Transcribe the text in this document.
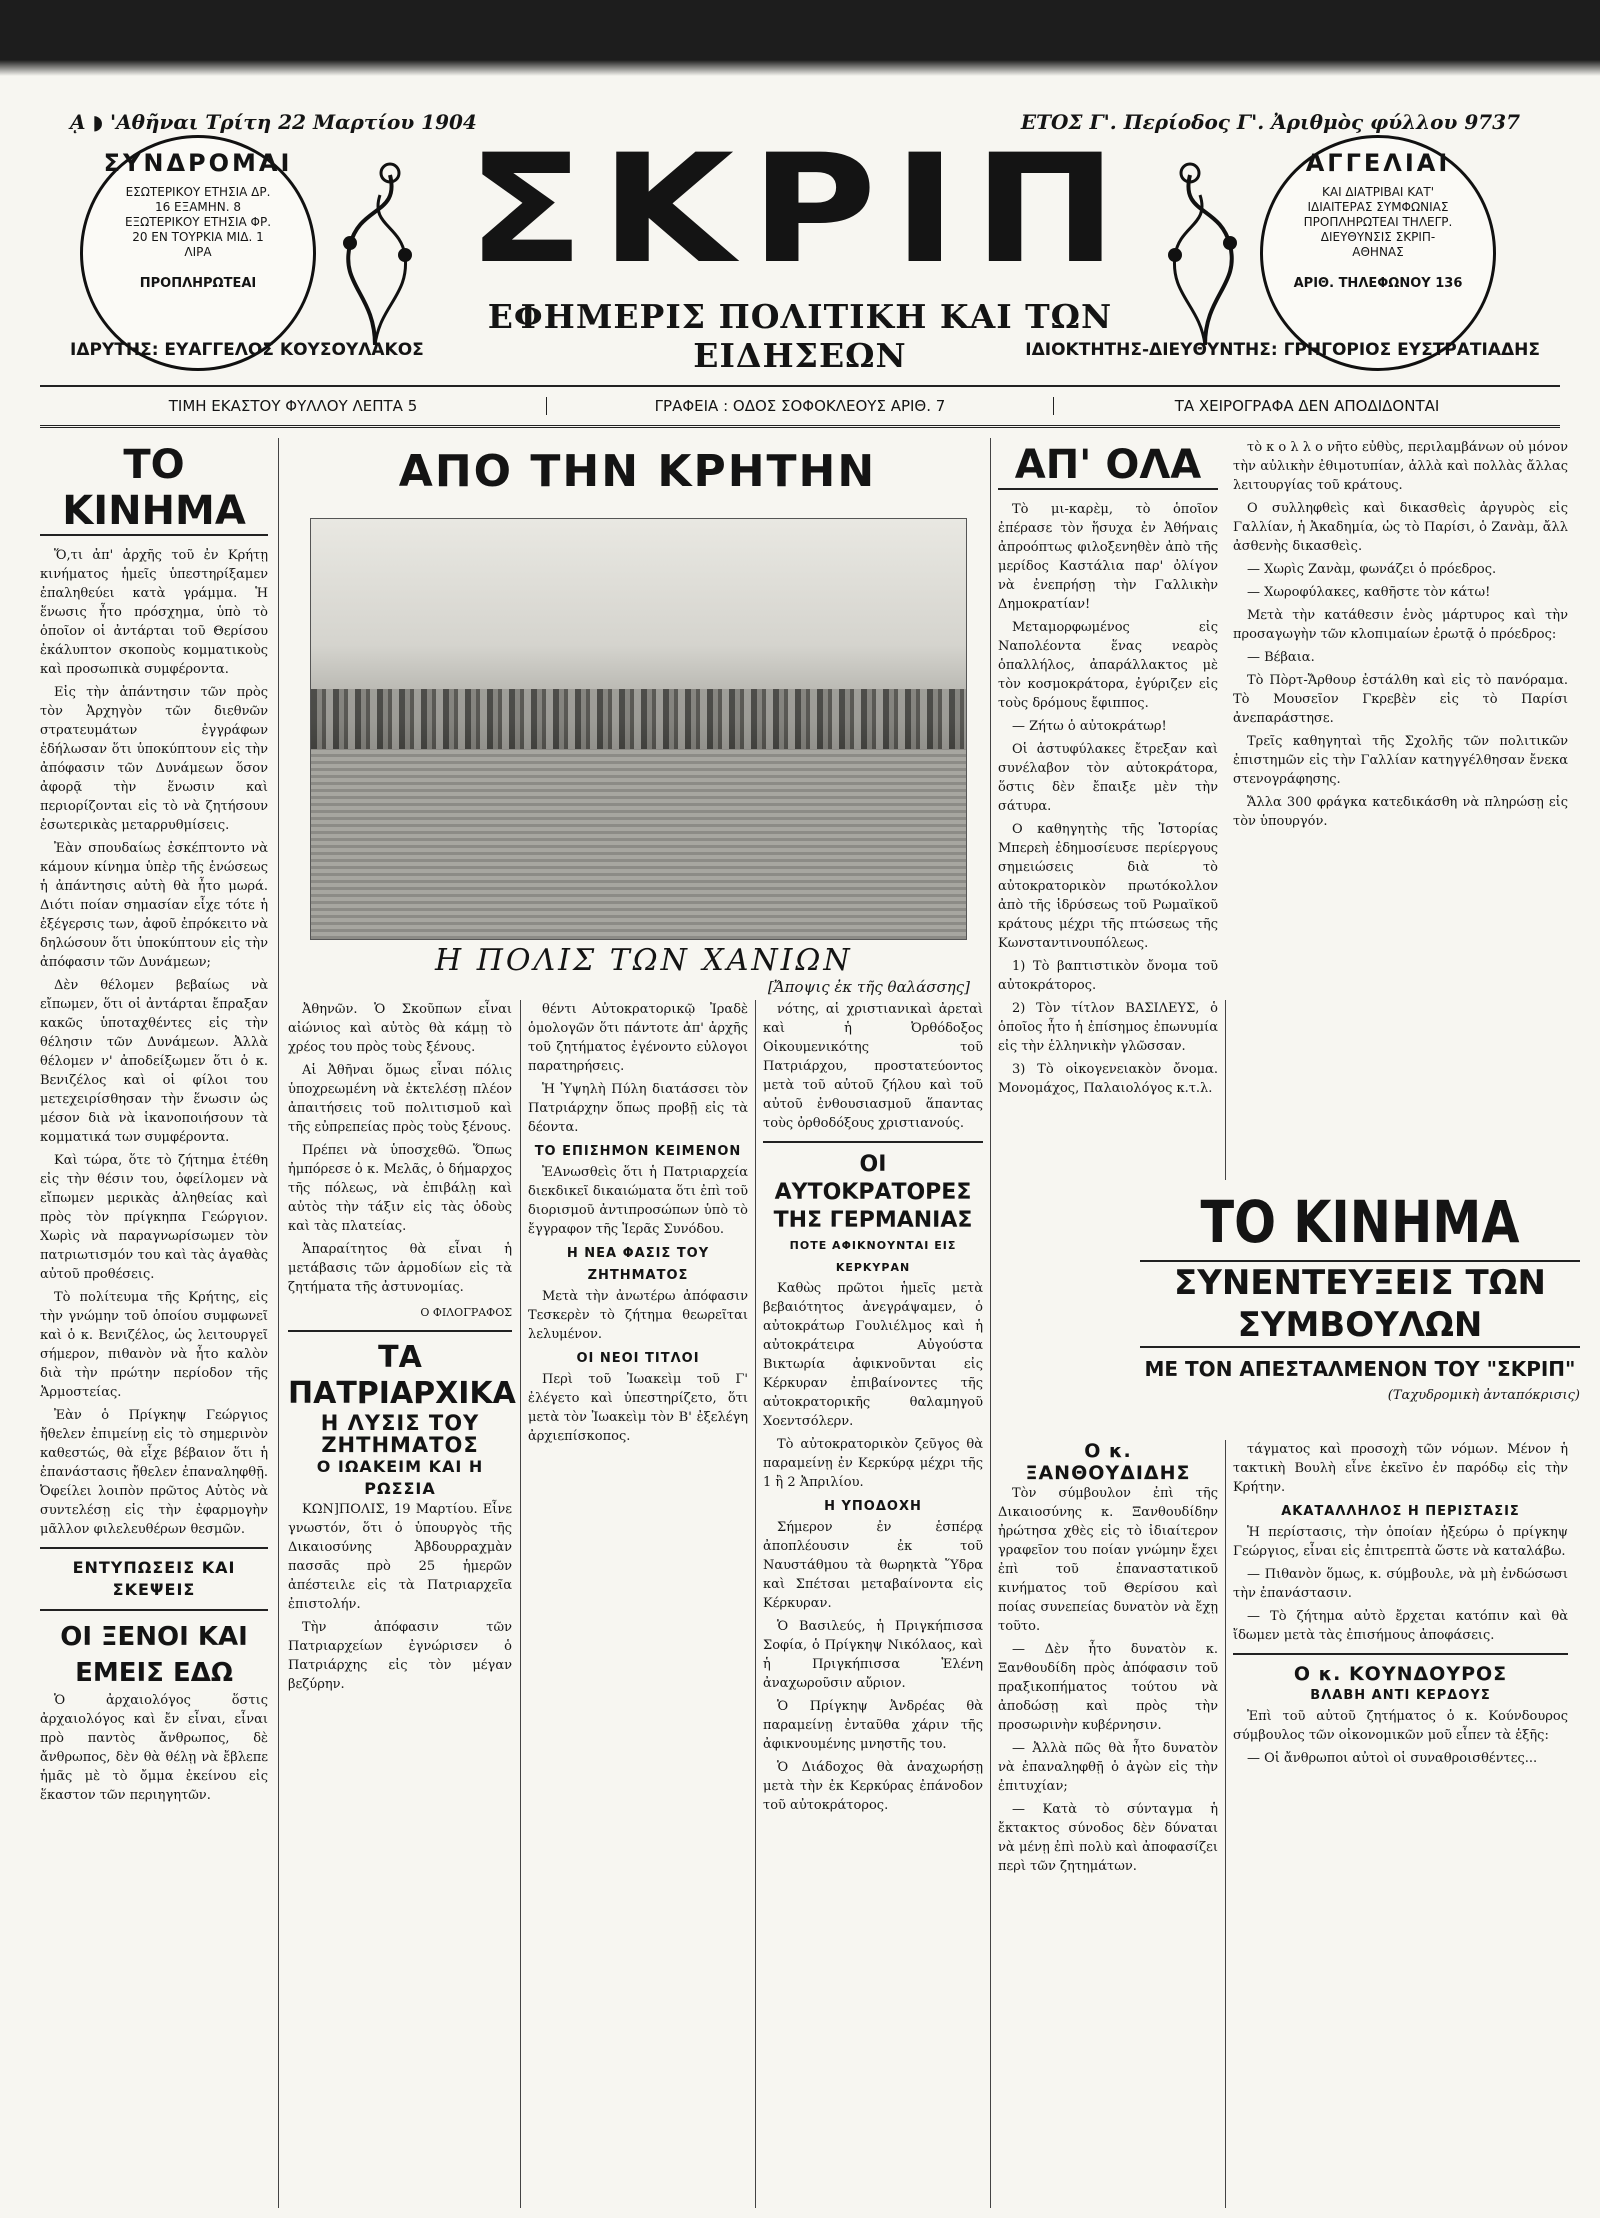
ᾼ ◗ 'Αθῆναι Τρίτη 22 Μαρτίου 1904	ΕΤΟΣ Γ'. Περίοδος Γ'. Ἀριθμὸς φύλλου 9737
ΣΥΝΔΡΟΜΑΙ
ΕΣΩΤΕΡΙΚΟΥ ΕΤΗΣΙΑ ΔΡ. 16 ΕΞΑΜΗΝ. 8 ΕΞΩΤΕΡΙΚΟΥ ΕΤΗΣΙΑ ΦΡ. 20 ΕΝ ΤΟΥΡΚΙΑ ΜΙΔ. 1 ΛΙΡΑ
ΠΡΟΠΛΗΡΩΤΕΑΙ	ΣΚΡΙΠ
ΕΦΗΜΕΡΙΣ ΠΟΛΙΤΙΚΗ ΚΑΙ ΤΩΝ ΕΙΔΗΣΕΩΝ
ΑΓΓΕΛΙΑΙ
ΚΑΙ ΔΙΑΤΡΙΒΑΙ ΚΑΤ' ΙΔΙΑΙΤΕΡΑΣ ΣΥΜΦΩΝΙΑΣ ΠΡΟΠΛΗΡΩΤΕΑΙ ΤΗΛΕΓΡ. ΔΙΕΥΘΥΝΣΙΣ ΣΚΡΙΠ-ΑΘΗΝΑΣ
ΑΡΙΘ. ΤΗΛΕΦΩΝΟΥ 136
ΙΔΡΥΤΗΣ: ΕΥΑΓΓΕΛΟΣ ΚΟΥΣΟΥΛΑΚΟΣ	ΙΔΙΟΚΤΗΤΗΣ-ΔΙΕΥΘΥΝΤΗΣ: ΓΡΗΓΟΡΙΟΣ ΕΥΣΤΡΑΤΙΑΔΗΣ
ΤΙΜΗ ΕΚΑΣΤΟΥ ΦΥΛΛΟΥ ΛΕΠΤΑ 5	ΓΡΑΦΕΙΑ : ΟΔΟΣ ΣΟΦΟΚΛΕΟΥΣ ΑΡΙΘ. 7	ΤΑ ΧΕΙΡΟΓΡΑΦΑ ΔΕΝ ΑΠΟΔΙΔΟΝΤΑΙ
ΤΟ ΚΙΝΗΜΑ

Ὅ,τι ἀπ' ἀρχῆς τοῦ ἐν Κρήτῃ κινήματος ἡμεῖς ὑπεστηρίξαμεν ἐπαληθεύει κατὰ γράμμα. Ἡ ἕνωσις ἦτο πρόσχημα, ὑπὸ τὸ ὁποῖον οἱ ἀντάρται τοῦ Θερίσου ἐκάλυπτον σκοποὺς κομματικοὺς καὶ προσωπικὰ συμφέροντα.

Εἰς τὴν ἀπάντησιν τῶν πρὸς τὸν Ἀρχηγὸν τῶν διεθνῶν στρατευμάτων ἐγγράφων ἐδήλωσαν ὅτι ὑποκύπτουν εἰς τὴν ἀπόφασιν τῶν Δυνάμεων ὅσον ἀφορᾷ τὴν ἕνωσιν καὶ περιορίζονται εἰς τὸ νὰ ζητήσουν ἐσωτερικὰς μεταρρυθμίσεις.

Ἐὰν σπουδαίως ἐσκέπτοντο νὰ κάμουν κίνημα ὑπὲρ τῆς ἑνώσεως ἡ ἀπάντησις αὐτὴ θὰ ἦτο μωρά. Διότι ποίαν σημασίαν εἶχε τότε ἡ ἐξέγερσις των, ἀφοῦ ἐπρόκειτο νὰ δηλώσουν ὅτι ὑποκύπτουν εἰς τὴν ἀπόφασιν τῶν Δυνάμεων;

Δὲν θέλομεν βεβαίως νὰ εἴπωμεν, ὅτι οἱ ἀντάρται ἔπραξαν κακῶς ὑποταχθέντες εἰς τὴν θέλησιν τῶν Δυνάμεων. Ἀλλὰ θέλομεν ν' ἀποδείξωμεν ὅτι ὁ κ. Βενιζέλος καὶ οἱ φίλοι του μετεχειρίσθησαν τὴν ἕνωσιν ὡς μέσον διὰ νὰ ἱκανοποιήσουν τὰ κομματικά των συμφέροντα.

Καὶ τώρα, ὅτε τὸ ζήτημα ἐτέθη εἰς τὴν θέσιν του, ὀφείλομεν νὰ εἴπωμεν μερικὰς ἀληθείας καὶ πρὸς τὸν πρίγκηπα Γεώργιον. Χωρὶς νὰ παραγνωρίσωμεν τὸν πατριωτισμόν του καὶ τὰς ἀγαθὰς αὐτοῦ προθέσεις.

Τὸ πολίτευμα τῆς Κρήτης, εἰς τὴν γνώμην τοῦ ὁποίου συμφωνεῖ καὶ ὁ κ. Βενιζέλος, ὡς λειτουργεῖ σήμερον, πιθανὸν νὰ ἦτο καλὸν διὰ τὴν πρώτην περίοδον τῆς Ἁρμοστείας.

Ἐὰν ὁ Πρίγκηψ Γεώργιος ἤθελεν ἐπιμείνῃ εἰς τὸ σημερινὸν καθεστώς, θὰ εἶχε βέβαιον ὅτι ἡ ἐπανάστασις ἤθελεν ἐπαναληφθῇ. Ὀφείλει λοιπὸν πρῶτος Αὐτὸς νὰ συντελέσῃ εἰς τὴν ἐφαρμογὴν μᾶλλον φιλελευθέρων θεσμῶν.

ΕΝΤΥΠΩΣΕΙΣ ΚΑΙ ΣΚΕΨΕΙΣ
ΟΙ ΞΕΝΟΙ ΚΑΙ ΕΜΕΙΣ ΕΔΩ

Ὁ ἀρχαιολόγος ὅστις ἀρχαιολόγος καὶ ἔν εἶναι, εἶναι πρὸ παντὸς ἄνθρωπος, δὲ ἄνθρωπος, δὲν θὰ θέλῃ νὰ ἔβλεπε ἡμᾶς μὲ τὸ ὄμμα ἐκείνου εἰς ἕκαστον τῶν περιηγητῶν.

ΑΠΟ ΤΗΝ ΚΡΗΤΗΝ
Η ΠΟΛΙΣ ΤΩΝ ΧΑΝΙΩΝ
[Ἄποψις ἐκ τῆς θαλάσσης]

Ἀθηνῶν. Ὁ Σκοῦπων εἶναι αἰώνιος καὶ αὐτὸς θὰ κάμῃ τὸ χρέος του πρὸς τοὺς ξένους.

Αἱ Ἀθῆναι ὅμως εἶναι πόλις ὑποχρεωμένη νὰ ἐκτελέσῃ πλέον ἀπαιτήσεις τοῦ πολιτισμοῦ καὶ τῆς εὐπρεπείας πρὸς τοὺς ξένους.

Πρέπει νὰ ὑποσχεθῶ. Ὅπως ἠμπόρεσε ὁ κ. Μελᾶς, ὁ δήμαρχος τῆς πόλεως, νὰ ἐπιβάλῃ καὶ αὐτὸς τὴν τάξιν εἰς τὰς ὁδοὺς καὶ τὰς πλατείας.

Ἀπαραίτητος θὰ εἶναι ἡ μετάβασις τῶν ἀρμοδίων εἰς τὰ ζητήματα τῆς ἀστυνομίας.

Ο ΦΙΛΟΓΡΑΦΟΣ
ΤΑ ΠΑΤΡΙΑΡΧΙΚΑ
Η ΛΥΣΙΣ ΤΟΥ ΖΗΤΗΜΑΤΟΣ
Ο ΙΩΑΚΕΙΜ ΚΑΙ Η ΡΩΣΣΙΑ

ΚΩΝ]ΠΟΛΙΣ, 19 Μαρτίου. Εἶνε γνωστόν, ὅτι ὁ ὑπουργὸς τῆς Δικαιοσύνης Ἀβδουρραχμὰν πασσᾶς πρὸ 25 ἡμερῶν ἀπέστειλε εἰς τὰ Πατριαρχεῖα ἐπιστολήν.

Τὴν ἀπόφασιν τῶν Πατριαρχείων ἐγνώρισεν ὁ Πατριάρχης εἰς τὸν μέγαν βεζύρην.

θέντι Αὐτοκρατορικῷ Ἰραδὲ ὁμολογῶν ὅτι πάντοτε ἀπ' ἀρχῆς τοῦ ζητήματος ἐγένοντο εὐλογοι παρατηρήσεις.

Ἡ Ὑψηλὴ Πύλη διατάσσει τὸν Πατριάρχην ὅπως προβῇ εἰς τὰ δέοντα.

ΤΟ ΕΠΙΣΗΜΟΝ ΚΕΙΜΕΝΟΝ

ἘΑνωσθεὶς ὅτι ἡ Πατριαρχεία διεκδικεῖ δικαιώματα ὅτι ἐπὶ τοῦ διορισμοῦ ἀντιπροσώπων ὑπὸ τὸ ἔγγραφον τῆς Ἱερᾶς Συνόδου.

Η ΝΕΑ ΦΑΣΙΣ ΤΟΥ ΖΗΤΗΜΑΤΟΣ

Μετὰ τὴν ἀνωτέρω ἀπόφασιν Τεσκερὲν τὸ ζήτημα θεωρεῖται λελυμένον.

ΟΙ ΝΕΟΙ ΤΙΤΛΟΙ

Περὶ τοῦ Ἰωακεὶμ τοῦ Γ' ἐλέγετο καὶ ὑπεστηρίζετο, ὅτι μετὰ τὸν Ἰωακεὶμ τὸν Β' ἐξελέγη ἀρχιεπίσκοπος.

νότης, αἱ χριστιανικαὶ ἀρεταὶ καὶ ἡ Ὀρθόδοξος Οἰκουμενικότης τοῦ Πατριάρχου, προστατεύοντος μετὰ τοῦ αὐτοῦ ζήλου καὶ τοῦ αὐτοῦ ἐνθουσιασμοῦ ἅπαντας τοὺς ὀρθοδόξους χριστιανούς.

ΟΙ ΑΥΤΟΚΡΑΤΟΡΕΣ
ΤΗΣ ΓΕΡΜΑΝΙΑΣ
ΠΟΤΕ ΑΦΙΚΝΟΥΝΤΑΙ ΕΙΣ ΚΕΡΚΥΡΑΝ

Καθὼς πρῶτοι ἡμεῖς μετὰ βεβαιότητος ἀνεγράψαμεν, ὁ αὐτοκράτωρ Γουλιέλμος καὶ ἡ αὐτοκράτειρα Αὐγούστα Βικτωρία ἀφικνοῦνται εἰς Κέρκυραν ἐπιβαίνοντες τῆς αὐτοκρατορικῆς θαλαμηγοῦ Χοεντσόλερν.

Τὸ αὐτοκρατορικὸν ζεῦγος θὰ παραμείνῃ ἐν Κερκύρᾳ μέχρι τῆς 1 ἢ 2 Ἀπριλίου.

Η ΥΠΟΔΟΧΗ

Σήμερον ἐν ἑσπέρᾳ ἀποπλέουσιν ἐκ τοῦ Ναυστάθμου τὰ θωρηκτὰ Ὕδρα καὶ Σπέτσαι μεταβαίνοντα εἰς Κέρκυραν.

Ὁ Βασιλεύς, ἡ Πριγκήπισσα Σοφία, ὁ Πρίγκηψ Νικόλαος, καὶ ἡ Πριγκήπισσα Ἑλένη ἀναχωροῦσιν αὔριον.

Ὁ Πρίγκηψ Ἀνδρέας θὰ παραμείνῃ ἐνταῦθα χάριν τῆς ἀφικνουμένης μνηστῆς του.

Ὁ Διάδοχος θὰ ἀναχωρήσῃ μετὰ τὴν ἐκ Κερκύρας ἐπάνοδον τοῦ αὐτοκράτορος.

ΑΠ' ΟΛΑ

Τὸ μι-καρὲμ, τὸ ὁποῖον ἐπέρασε τὸν ἥσυχα ἐν Ἀθήναις ἀπροόπτως φιλοξενηθὲν ἀπὸ τῆς μερίδος Καστάλια παρ' ὀλίγον νὰ ἐνεπρήσῃ τὴν Γαλλικὴν Δημοκρατίαν!

Μεταμορφωμένος εἰς Ναπολέοντα ἕνας νεαρὸς ὁπαλλήλος, ἀπαράλλακτος μὲ τὸν κοσμοκράτορα, ἐγύριζεν εἰς τοὺς δρόμους ἔφιππος.

— Ζήτω ὁ αὐτοκράτωρ!

Οἱ ἀστυφύλακες ἔτρεξαν καὶ συνέλαβον τὸν αὐτοκράτορα, ὅστις δὲν ἔπαιξε μὲν τὴν σάτυρα.

Ο καθηγητὴς τῆς Ἱστορίας Μπερεὴ ἐδημοσίευσε περίεργους σημειώσεις διὰ τὸ αὐτοκρατορικὸν πρωτόκολλον ἀπὸ τῆς ἱδρύσεως τοῦ Ρωμαϊκοῦ κράτους μέχρι τῆς πτώσεως τῆς Κωνσταντινουπόλεως.

1) Τὸ βαπτιστικὸν ὄνομα τοῦ αὐτοκράτορος.

2) Τὸν τίτλον ΒΑΣΙΛΕΥΣ, ὁ ὁποῖος ἦτο ἡ ἐπίσημος ἐπωνυμία εἰς τὴν ἑλληνικὴν γλῶσσαν.

3) Τὸ οἰκογενειακὸν ὄνομα. Μονομάχος, Παλαιολόγος κ.τ.λ.

τὸ κ ο λ λ ο νῆτο εὐθὺς, περιλαμβάνων οὐ μόνον τὴν αὐλικὴν ἐθιμοτυπίαν, ἀλλὰ καὶ πολλὰς ἄλλας λειτουργίας τοῦ κράτους.

Ο συλληφθεὶς καὶ δικασθεὶς ἀργυρὸς εἰς Γαλλίαν, ἡ Ἀκαδημία, ὡς τὸ Παρίσι, ὁ Ζανὰμ, ἄλλ ἀσθενὴς δικασθεὶς.

— Χωρὶς Ζανὰμ, φωνάζει ὁ πρόεδρος.

— Χωροφύλακες, καθῆστε τὸν κάτω!

Μετὰ τὴν κατάθεσιν ἑνὸς μάρτυρος καὶ τὴν προσαγωγὴν τῶν κλοπιμαίων ἐρωτᾷ ὁ πρόεδρος:

— Βέβαια.

Τὸ Πὸρτ-Ἄρθουρ ἐστάλθη καὶ εἰς τὸ πανόραμα. Τὸ Μουσεῖον Γκρεβὲν εἰς τὸ Παρίσι ἀνεπαράστησε.

Τρεῖς καθηγηταὶ τῆς Σχολῆς τῶν πολιτικῶν ἐπιστημῶν εἰς τὴν Γαλλίαν κατηγγέλθησαν ἔνεκα στενογράφησης.

Ἄλλα 300 φράγκα κατεδικάσθη νὰ πληρώσῃ εἰς τὸν ὑπουργόν.

ΤΟ ΚΙΝΗΜΑ
ΣΥΝΕΝΤΕΥΞΕΙΣ ΤΩΝ ΣΥΜΒΟΥΛΩΝ
ΜΕ ΤΟΝ ΑΠΕΣΤΑΛΜΕΝΟΝ ΤΟΥ "ΣΚΡΙΠ"
(Ταχυδρομικὴ ἀνταπόκρισις)
Ο κ. ΞΑΝΘΟΥΔΙΔΗΣ

Τὸν σύμβουλον ἐπὶ τῆς Δικαιοσύνης κ. Ξανθουδίδην ἠρώτησα χθὲς εἰς τὸ ἰδιαίτερον γραφεῖον του ποίαν γνώμην ἔχει ἐπὶ τοῦ ἐπαναστατικοῦ κινήματος τοῦ Θερίσου καὶ ποίας συνεπείας δυνατὸν νὰ ἔχῃ τοῦτο.

— Δὲν ἦτο δυνατὸν κ. Ξανθουδίδη πρὸς ἀπόφασιν τοῦ πραξικοπήματος τούτου νὰ ἀποδώσῃ καὶ πρὸς τὴν προσωρινὴν κυβέρνησιν.

— Ἀλλὰ πῶς θὰ ἦτο δυνατὸν νὰ ἐπαναληφθῇ ὁ ἀγὼν εἰς τὴν ἐπιτυχίαν;

— Κατὰ τὸ σύνταγμα ἡ ἔκτακτος σύνοδος δὲν δύναται νὰ μένῃ ἐπὶ πολὺ καὶ ἀποφασίζει περὶ τῶν ζητημάτων.

τάγματος καὶ προσοχὴ τῶν νόμων. Μένον ἡ τακτικὴ Βουλὴ εἶνε ἐκεῖνο ἐν παρόδῳ εἰς τὴν Κρήτην.

ΑΚΑΤΑΛΛΗΛΟΣ Η ΠΕΡΙΣΤΑΣΙΣ

Ἡ περίστασις, τὴν ὁποίαν ἠξεύρω ὁ πρίγκηψ Γεώργιος, εἶναι εἰς ἐπιτρεπτὰ ὥστε νὰ καταλάβω.

— Πιθανὸν ὅμως, κ. σύμβουλε, νὰ μὴ ἐνδώσωσι τὴν ἐπανάστασιν.

— Τὸ ζήτημα αὐτὸ ἔρχεται κατόπιν καὶ θὰ ἴδωμεν μετὰ τὰς ἐπισήμους ἀποφάσεις.

Ο κ. ΚΟΥΝΔΟΥΡΟΣ
ΒΛΑΒΗ ΑΝΤΙ ΚΕΡΔΟΥΣ

Ἐπὶ τοῦ αὐτοῦ ζητήματος ὁ κ. Κούνδουρος σύμβουλος τῶν οἰκονομικῶν μοῦ εἶπεν τὰ ἑξῆς:

— Οἱ ἄνθρωποι αὐτοὶ οἱ συναθροισθέντες...
